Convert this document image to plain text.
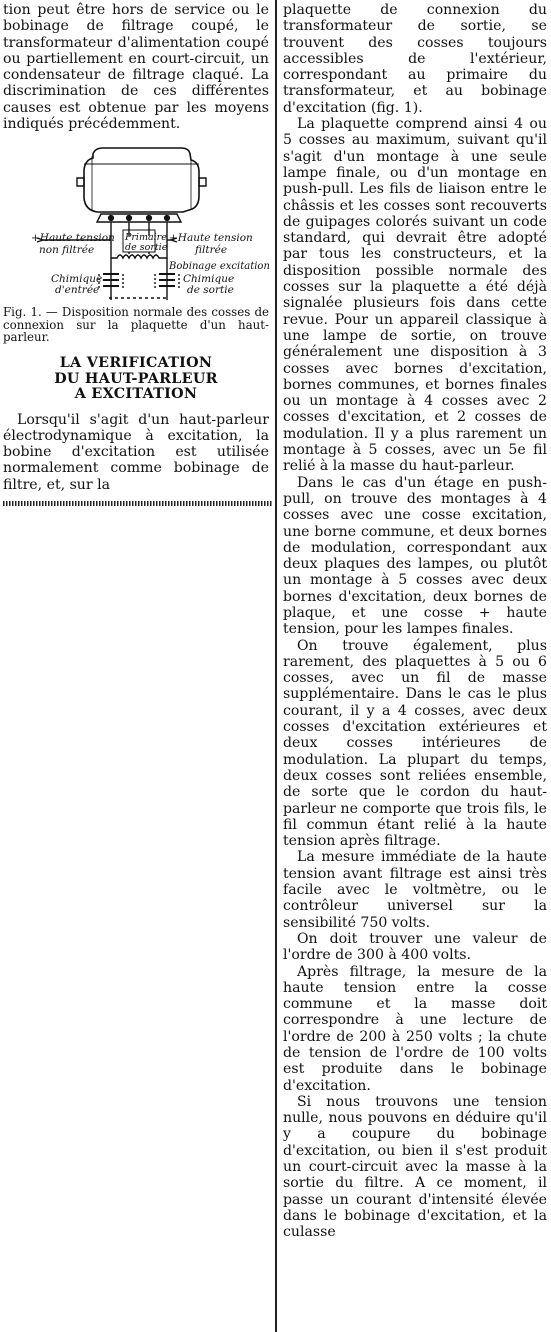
tion peut être hors de service ou le bobinage de filtrage coupé, le transformateur d'alimentation coupé ou partiellement en court-circuit, un condensateur de filtrage claqué. La discrimination de ces différentes causes est obtenue par les moyens indiqués précédemment.

+Haute tension
non filtrée
Primaire
de sortie
+Haute tension
filtrée
Bobinage excitation
Chimique
d'entrée
Chimique
de sortie
Fig. 1. — Disposition normale des cosses de connexion sur la plaquette d'un haut-parleur.
LA VERIFICATION
DU HAUT-PARLEUR
A EXCITATION

Lorsqu'il s'agit d'un haut-parleur électrodynamique à excitation, la bobine d'excitation est utilisée normalement comme bobinage de filtre, et, sur la

plaquette de connexion du transformateur de sortie, se trouvent des cosses toujours accessibles de l'extérieur, correspondant au primaire du transformateur, et au bobinage d'excitation (fig. 1).

La plaquette comprend ainsi 4 ou 5 cosses au maximum, suivant qu'il s'agit d'un montage à une seule lampe finale, ou d'un montage en push-pull. Les fils de liaison entre le châssis et les cosses sont recouverts de guipages colorés suivant un code standard, qui devrait être adopté par tous les constructeurs, et la disposition possible normale des cosses sur la plaquette a été déjà signalée plusieurs fois dans cette revue. Pour un appareil classique à une lampe de sortie, on trouve généralement une disposition à 3 cosses avec bornes d'excitation, bornes communes, et bornes finales ou un montage à 4 cosses avec 2 cosses d'excitation, et 2 cosses de modulation. Il y a plus rarement un montage à 5 cosses, avec un 5e fil relié à la masse du haut-parleur.

Dans le cas d'un étage en push-pull, on trouve des montages à 4 cosses avec une cosse excitation, une borne commune, et deux bornes de modulation, correspondant aux deux plaques des lampes, ou plutôt un montage à 5 cosses avec deux bornes d'excitation, deux bornes de plaque, et une cosse + haute tension, pour les lampes finales.

On trouve également, plus rarement, des plaquettes à 5 ou 6 cosses, avec un fil de masse supplémentaire. Dans le cas le plus courant, il y a 4 cosses, avec deux cosses d'excitation extérieures et deux cosses intérieures de modulation. La plupart du temps, deux cosses sont reliées ensemble, de sorte que le cordon du haut-parleur ne comporte que trois fils, le fil commun étant relié à la haute tension après filtrage.

La mesure immédiate de la haute tension avant filtrage est ainsi très facile avec le voltmètre, ou le contrôleur universel sur la sensibilité 750 volts.

On doit trouver une valeur de l'ordre de 300 à 400 volts.

Après filtrage, la mesure de la haute tension entre la cosse commune et la masse doit correspondre à une lecture de l'ordre de 200 à 250 volts ; la chute de tension de l'ordre de 100 volts est produite dans le bobinage d'excitation.

Si nous trouvons une tension nulle, nous pouvons en déduire qu'il y a coupure du bobinage d'excitation, ou bien il s'est produit un court-circuit avec la masse à la sortie du filtre. A ce moment, il passe un courant d'intensité élevée dans le bobinage d'excitation, et la culasse
